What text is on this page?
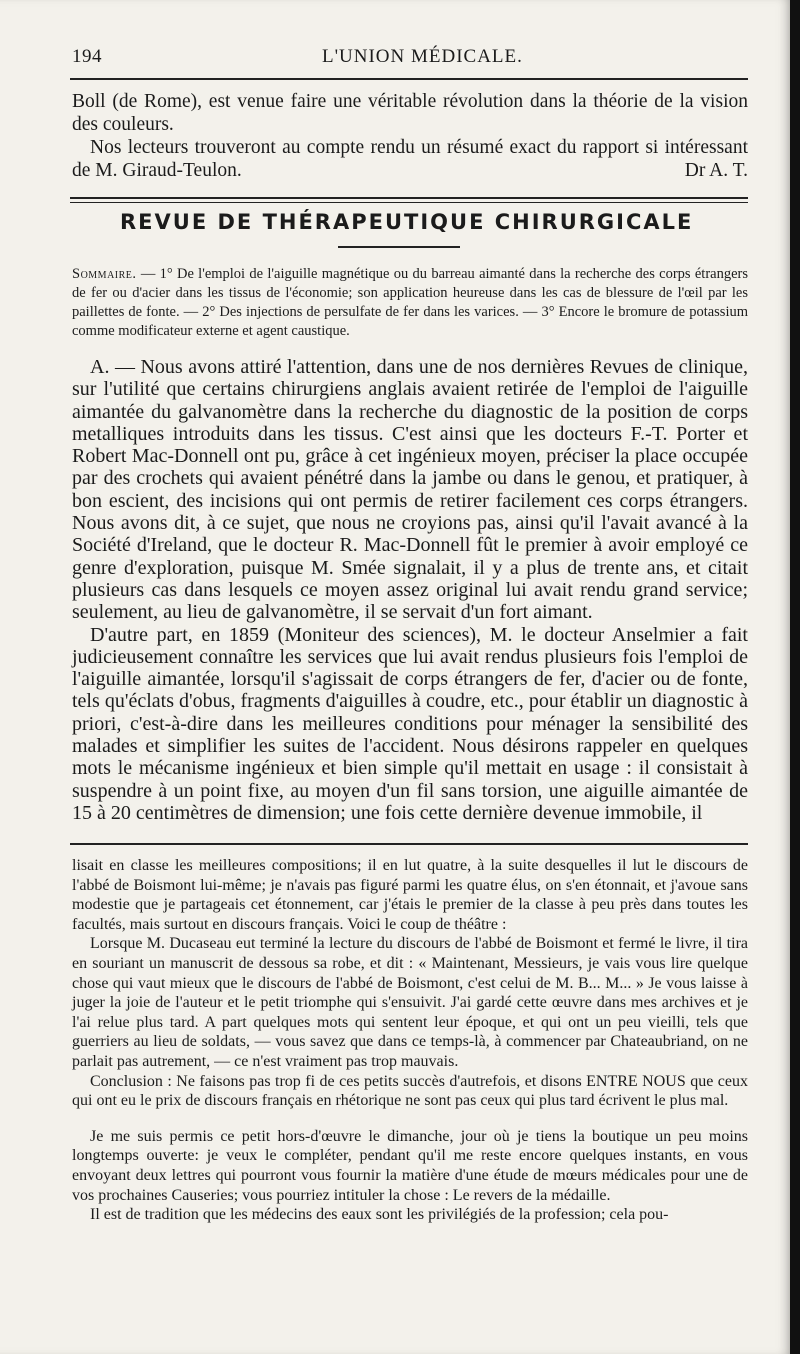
194	L'UNION MÉDICALE.

Boll (de Rome), est venue faire une véritable révolution dans la théorie de la vision des couleurs.

Nos lecteurs trouveront au compte rendu un résumé exact du rapport si intéressant de M. Giraud-Teulon.	Dr A. T.

REVUE DE THÉRAPEUTIQUE CHIRURGICALE

Sommaire. — 1° De l'emploi de l'aiguille magnétique ou du barreau aimanté dans la recherche des corps étrangers de fer ou d'acier dans les tissus de l'économie; son application heureuse dans les cas de blessure de l'œil par les paillettes de fonte. — 2° Des injections de persulfate de fer dans les varices. — 3° Encore le bromure de potassium comme modificateur externe et agent caustique.

A. — Nous avons attiré l'attention, dans une de nos dernières Revues de clinique, sur l'utilité que certains chirurgiens anglais avaient retirée de l'emploi de l'aiguille aimantée du galvanomètre dans la recherche du diagnostic de la position de corps metalliques introduits dans les tissus. C'est ainsi que les docteurs F.-T. Porter et Robert Mac-Donnell ont pu, grâce à cet ingénieux moyen, préciser la place occupée par des crochets qui avaient pénétré dans la jambe ou dans le genou, et pratiquer, à bon escient, des incisions qui ont permis de retirer facilement ces corps étrangers. Nous avons dit, à ce sujet, que nous ne croyions pas, ainsi qu'il l'avait avancé à la Société d'Ireland, que le docteur R. Mac-Donnell fût le premier à avoir employé ce genre d'exploration, puisque M. Smée signalait, il y a plus de trente ans, et citait plusieurs cas dans lesquels ce moyen assez original lui avait rendu grand service; seulement, au lieu de galvanomètre, il se servait d'un fort aimant.

D'autre part, en 1859 (Moniteur des sciences), M. le docteur Anselmier a fait judicieusement connaître les services que lui avait rendus plusieurs fois l'emploi de l'aiguille aimantée, lorsqu'il s'agissait de corps étrangers de fer, d'acier ou de fonte, tels qu'éclats d'obus, fragments d'aiguilles à coudre, etc., pour établir un diagnostic à priori, c'est-à-dire dans les meilleures conditions pour ménager la sensibilité des malades et simplifier les suites de l'accident. Nous désirons rappeler en quelques mots le mécanisme ingénieux et bien simple qu'il mettait en usage : il consistait à suspendre à un point fixe, au moyen d'un fil sans torsion, une aiguille aimantée de 15 à 20 centimètres de dimension; une fois cette dernière devenue immobile, il

lisait en classe les meilleures compositions; il en lut quatre, à la suite desquelles il lut le discours de l'abbé de Boismont lui-même; je n'avais pas figuré parmi les quatre élus, on s'en étonnait, et j'avoue sans modestie que je partageais cet étonnement, car j'étais le premier de la classe à peu près dans toutes les facultés, mais surtout en discours français. Voici le coup de théâtre :

Lorsque M. Ducaseau eut terminé la lecture du discours de l'abbé de Boismont et fermé le livre, il tira en souriant un manuscrit de dessous sa robe, et dit : « Maintenant, Messieurs, je vais vous lire quelque chose qui vaut mieux que le discours de l'abbé de Boismont, c'est celui de M. B... M... » Je vous laisse à juger la joie de l'auteur et le petit triomphe qui s'ensuivit. J'ai gardé cette œuvre dans mes archives et je l'ai relue plus tard. A part quelques mots qui sentent leur époque, et qui ont un peu vieilli, tels que guerriers au lieu de soldats, — vous savez que dans ce temps-là, à commencer par Chateaubriand, on ne parlait pas autrement, — ce n'est vraiment pas trop mauvais.

Conclusion : Ne faisons pas trop fi de ces petits succès d'autrefois, et disons ENTRE NOUS que ceux qui ont eu le prix de discours français en rhétorique ne sont pas ceux qui plus tard écrivent le plus mal.

Je me suis permis ce petit hors-d'œuvre le dimanche, jour où je tiens la boutique un peu moins longtemps ouverte: je veux le compléter, pendant qu'il me reste encore quelques instants, en vous envoyant deux lettres qui pourront vous fournir la matière d'une étude de mœurs médicales pour une de vos prochaines Causeries; vous pourriez intituler la chose : Le revers de la médaille.

Il est de tradition que les médecins des eaux sont les privilégiés de la profession; cela pou-
